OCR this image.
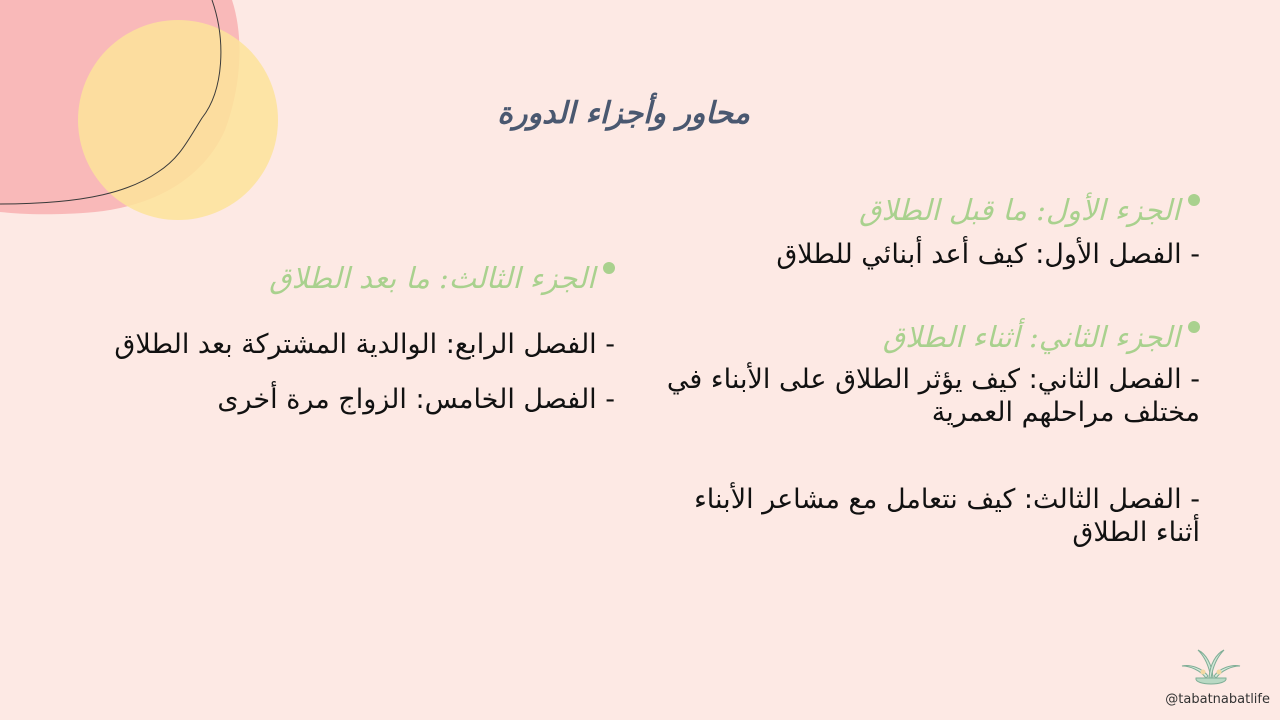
محاور وأجزاء الدورة

الجزء الأول: ما قبل الطلاق

- الفصل الأول: كيف أعد أبنائي للطلاق

الجزء الثاني: أثناء الطلاق

- الفصل الثاني: كيف يؤثر الطلاق على الأبناء في مختلف مراحلهم العمرية

- الفصل الثالث: كيف نتعامل مع مشاعر الأبناء أثناء الطلاق

الجزء الثالث: ما بعد الطلاق

- الفصل الرابع: الوالدية المشتركة بعد الطلاق

- الفصل الخامس: الزواج مرة أخرى

@tabatnabatlife
